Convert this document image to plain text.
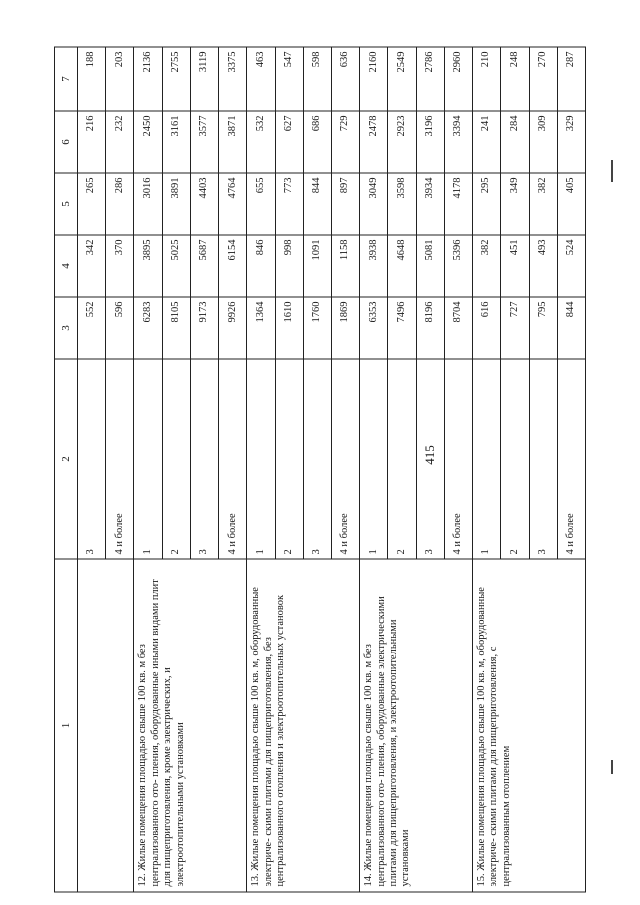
415
1	2	3	4	5	6	7
	3	552	342	265	216	188
	4 и более	596	370	286	232	203
12. Жилые помещения площадью свыше 100 кв. м без централизованного ото- пления, оборудованные иными видами плит для пищеприготовления, кроме электрических, и электроотопительными установками	1	6283	3895	3016	2450	2136
	2	8105	5025	3891	3161	2755
	3	9173	5687	4403	3577	3119
	4 и более	9926	6154	4764	3871	3375
13. Жилые помещения площадью свыше 100 кв. м, оборудованные электриче- скими плитами для пищеприготовления, без централизованного отопления и электроотопительных установок	1	1364	846	655	532	463
	2	1610	998	773	627	547
	3	1760	1091	844	686	598
	4 и более	1869	1158	897	729	636
14. Жилые помещения площадью свыше 100 кв. м без централизованного ото- пления, оборудованные электрическими плитами для пищеприготовления, и электроотопительными установками	1	6353	3938	3049	2478	2160
	2	7496	4648	3598	2923	2549
	3	8196	5081	3934	3196	2786
	4 и более	8704	5396	4178	3394	2960
15. Жилые помещения площадью свыше 100 кв. м, оборудованные электриче- скими плитами для пищеприготовления, с централизованным отоплением	1	616	382	295	241	210
	2	727	451	349	284	248
	3	795	493	382	309	270
	4 и более	844	524	405	329	287
